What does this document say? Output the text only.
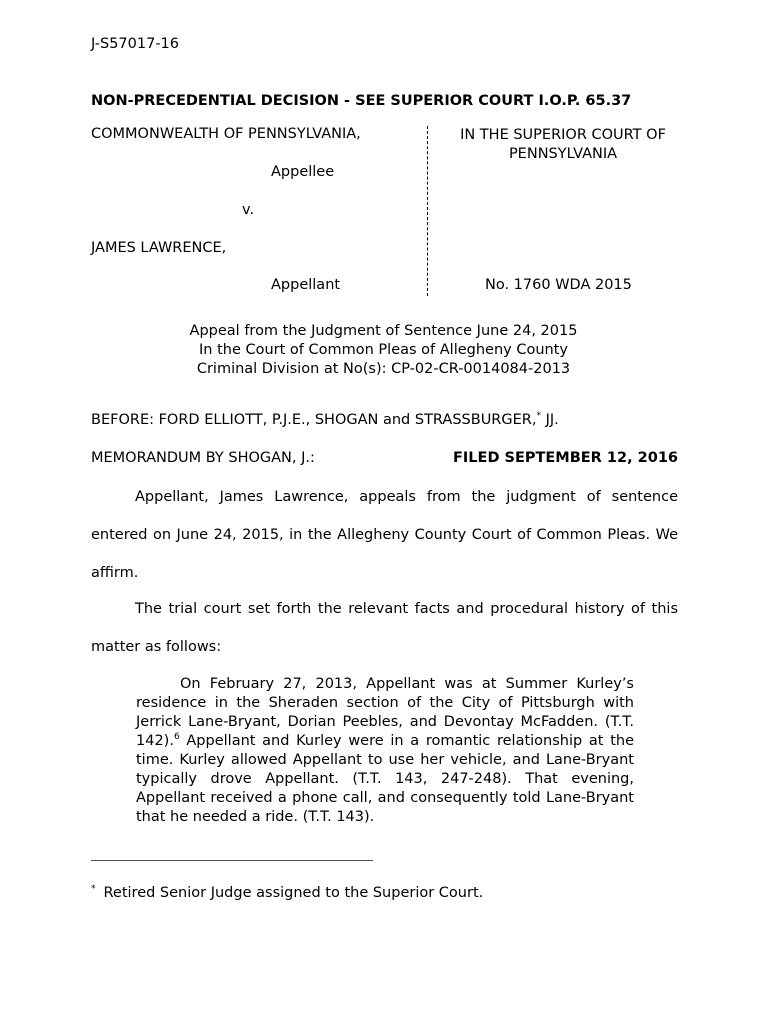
J-S57017-16
NON-PRECEDENTIAL DECISION - SEE SUPERIOR COURT I.O.P. 65.37
COMMONWEALTH OF PENNSYLVANIA,
Appellee
v.
JAMES LAWRENCE,
Appellant
IN THE SUPERIOR COURT OF
PENNSYLVANIA
No. 1760 WDA 2015
Appeal from the Judgment of Sentence June 24, 2015
In the Court of Common Pleas of Allegheny County
Criminal Division at No(s): CP-02-CR-0014084-2013
BEFORE: FORD ELLIOTT, P.J.E., SHOGAN and STRASSBURGER,* JJ.
MEMORANDUM BY SHOGAN, J.:	FILED SEPTEMBER 12, 2016
Appellant, James Lawrence, appeals from the judgment of sentence entered on June 24, 2015, in the Allegheny County Court of Common Pleas. We affirm.
The trial court set forth the relevant facts and procedural history of this matter as follows:
On February 27, 2013, Appellant was at Summer Kurley’s residence in the Sheraden section of the City of Pittsburgh with Jerrick Lane-Bryant, Dorian Peebles, and Devontay McFadden. (T.T. 142).$^6$ Appellant and Kurley were in a romantic relationship at the time. Kurley allowed Appellant to use her vehicle, and Lane-Bryant typically drove Appellant. (T.T. 143, 247-248). That evening, Appellant received a phone call, and consequently told Lane-Bryant that he needed a ride. (T.T. 143).
* Retired Senior Judge assigned to the Superior Court.
